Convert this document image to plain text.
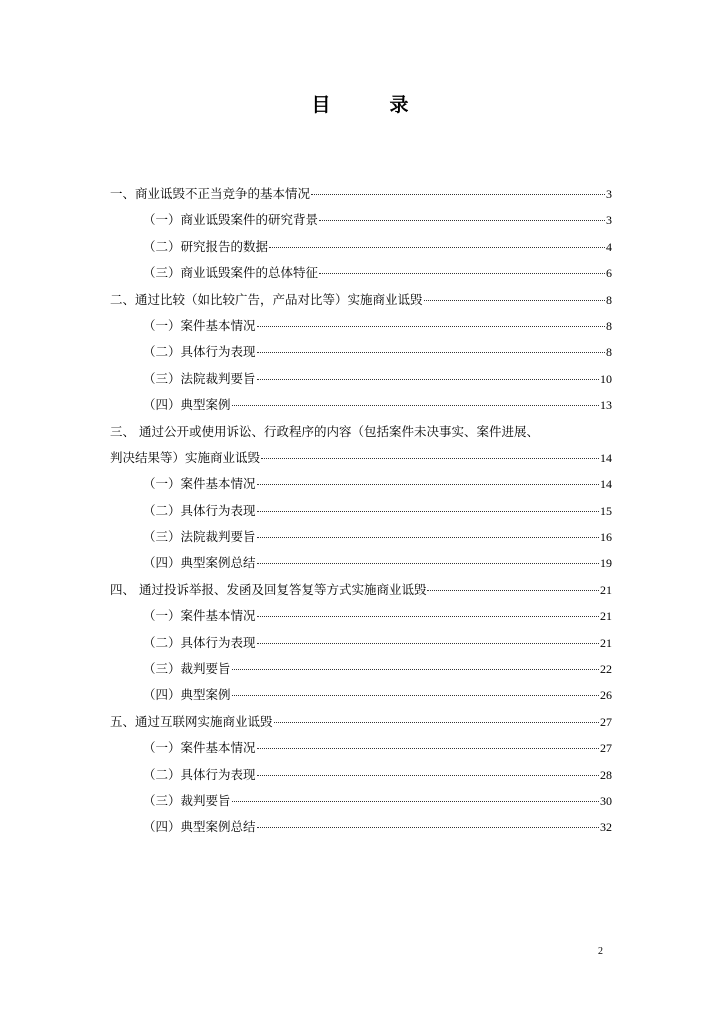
目　录
一、商业诋毁不正当竞争的基本情况	3
（一）商业诋毁案件的研究背景	3
（二）研究报告的数据	4
（三）商业诋毁案件的总体特征	6
二、通过比较（如比较广告，产品对比等）实施商业诋毁	8
（一）案件基本情况	8
（二）具体行为表现	8
（三）法院裁判要旨	10
（四）典型案例	13
三、 通过公开或使用诉讼、行政程序的内容（包括案件未决事实、案件进展、
判决结果等）实施商业诋毁	14
（一）案件基本情况	14
（二）具体行为表现	15
（三）法院裁判要旨	16
（四）典型案例总结	19
四、 通过投诉举报、发函及回复答复等方式实施商业诋毁	21
（一）案件基本情况	21
（二）具体行为表现	21
（三）裁判要旨	22
（四）典型案例	26
五、通过互联网实施商业诋毁	27
（一）案件基本情况	27
（二）具体行为表现	28
（三）裁判要旨	30
（四）典型案例总结	32
2
